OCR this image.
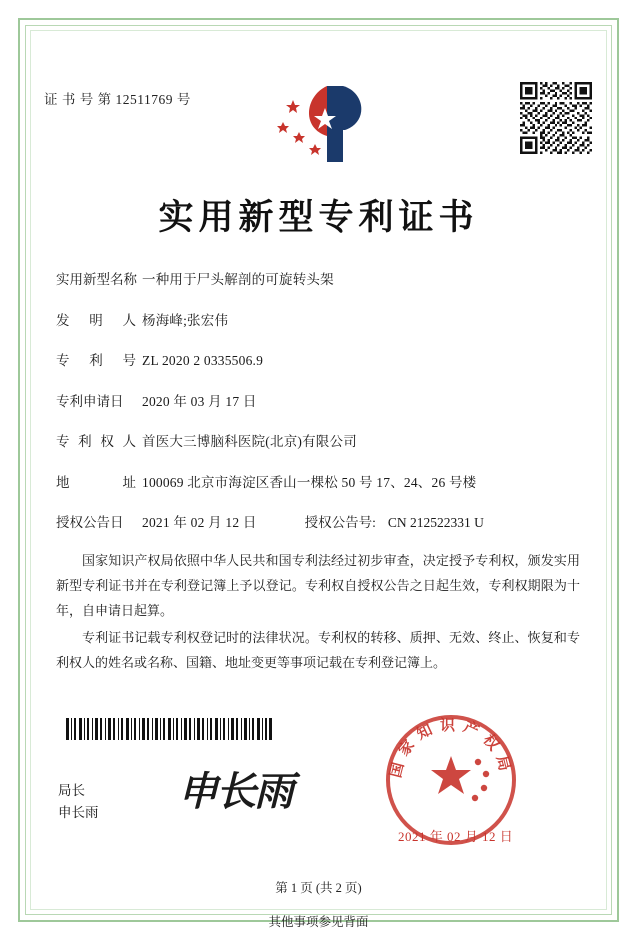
证 书 号 第 12511769 号
实用新型专利证书
实用新型名称 一种用于尸头解剖的可旋转头架
发 明 人 杨海峰;张宏伟
专 利 号 ZL 2020 2 0335506.9
专利申请日	2020 年 03 月 17 日
专 利 权 人 首医大三博脑科医院(北京)有限公司
地 址 100069 北京市海淀区香山一棵松 50 号 17、24、26 号楼
授权公告日	2021 年 02 月 12 日	授权公告号: CN 212522331 U

国家知识产权局依照中华人民共和国专利法经过初步审查，决定授予专利权，颁发实用新型专利证书并在专利登记簿上予以登记。专利权自授权公告之日起生效，专利权期限为十年，自申请日起算。

专利证书记载专利权登记时的法律状况。专利权的转移、质押、无效、终止、恢复和专利权人的姓名或名称、国籍、地址变更等事项记载在专利登记簿上。

局长
申长雨 申长雨
国家知识产权局
2021 年 02 月 12 日
第 1 页 (共 2 页)
其他事项参见背面
